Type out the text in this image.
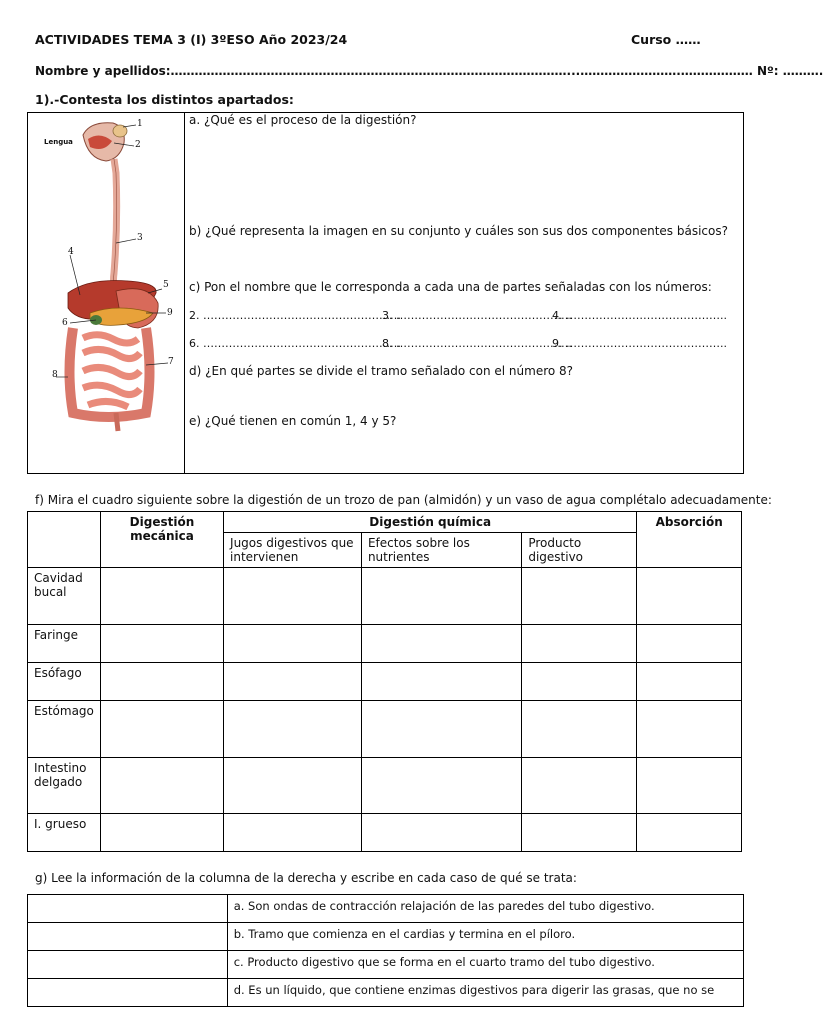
ACTIVIDADES TEMA 3 (I) 3ºESO Año 2023/24	Curso ……
Nombre y apellidos:………………………………………………………………………………………...…………………….……………… Nº: ……….
1).-Contesta los distintos apartados:
Lengua
1
2
3
4
5
6
7
8
9
a. ¿Qué es el proceso de la digestión?
b) ¿Qué representa la imagen en su conjunto y cuáles son sus dos componentes básicos?
c) Pon el nombre que le corresponda a cada una de partes señaladas con los números:
2. ………………………………………………
3. …………………………………………
4. ……………………………………..
6. ………………………………………………
8. …………………………………………
9. ……………………………………..
d) ¿En qué partes se divide el tramo señalado con el número 8?
e) ¿Qué tienen en común 1, 4 y 5?
f) Mira el cuadro siguiente sobre la digestión de un trozo de pan (almidón) y un vaso de agua complétalo adecuadamente:
	Digestión mecánica	Digestión química			Absorción
		Jugos digestivos que intervienen	Efectos sobre los nutrientes	Producto digestivo	
Cavidad bucal					
Faringe					
Esófago					
Estómago					
Intestino delgado					
I. grueso					
g) Lee la información de la columna de la derecha y escribe en cada caso de qué se trata:
	a. Son ondas de contracción relajación de las paredes del tubo digestivo.
	b. Tramo que comienza en el cardias y termina en el píloro.
	c. Producto digestivo que se forma en el cuarto tramo del tubo digestivo.
	d. Es un líquido, que contiene enzimas digestivos para digerir las grasas, que no se
